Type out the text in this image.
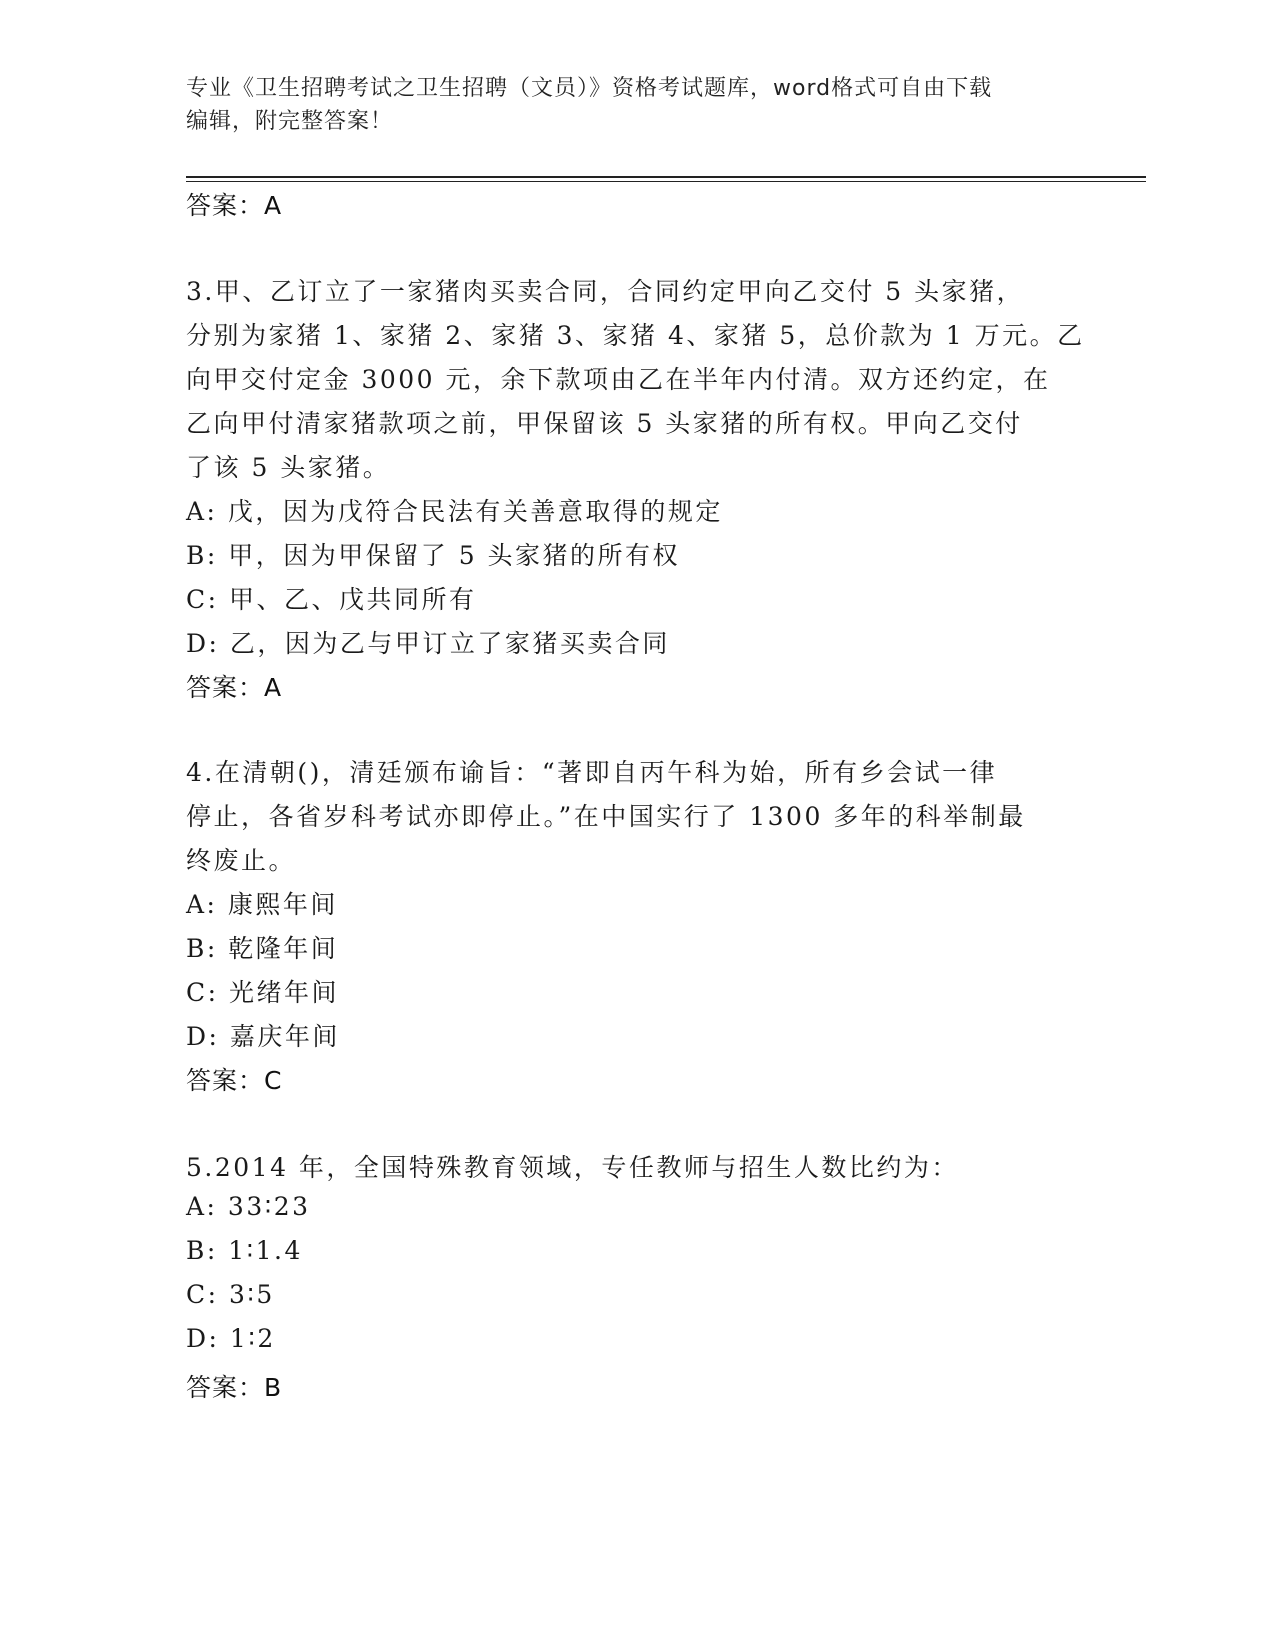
专业《卫生招聘考试之卫生招聘（文员）》资格考试题库，word格式可自由下载
编辑，附完整答案！
答案：A
3.甲、乙订立了一家猪肉买卖合同，合同约定甲向乙交付 5 头家猪，
分别为家猪 1、家猪 2、家猪 3、家猪 4、家猪 5，总价款为 1 万元。乙
向甲交付定金 3000 元，余下款项由乙在半年内付清。双方还约定，在
乙向甲付清家猪款项之前，甲保留该 5 头家猪的所有权。甲向乙交付
了该 5 头家猪。
A: 戊，因为戊符合民法有关善意取得的规定
B: 甲，因为甲保留了 5 头家猪的所有权
C: 甲、乙、戊共同所有
D: 乙，因为乙与甲订立了家猪买卖合同
答案：A
4.在清朝()，清廷颁布谕旨：“著即自丙午科为始，所有乡会试一律
停止，各省岁科考试亦即停止。”在中国实行了 1300 多年的科举制最
终废止。
A: 康熙年间
B: 乾隆年间
C: 光绪年间
D: 嘉庆年间
答案：C
5.2014 年，全国特殊教育领域，专任教师与招生人数比约为：
A: 33∶23
B: 1∶1.4
C: 3∶5
D: 1∶2
答案：B
